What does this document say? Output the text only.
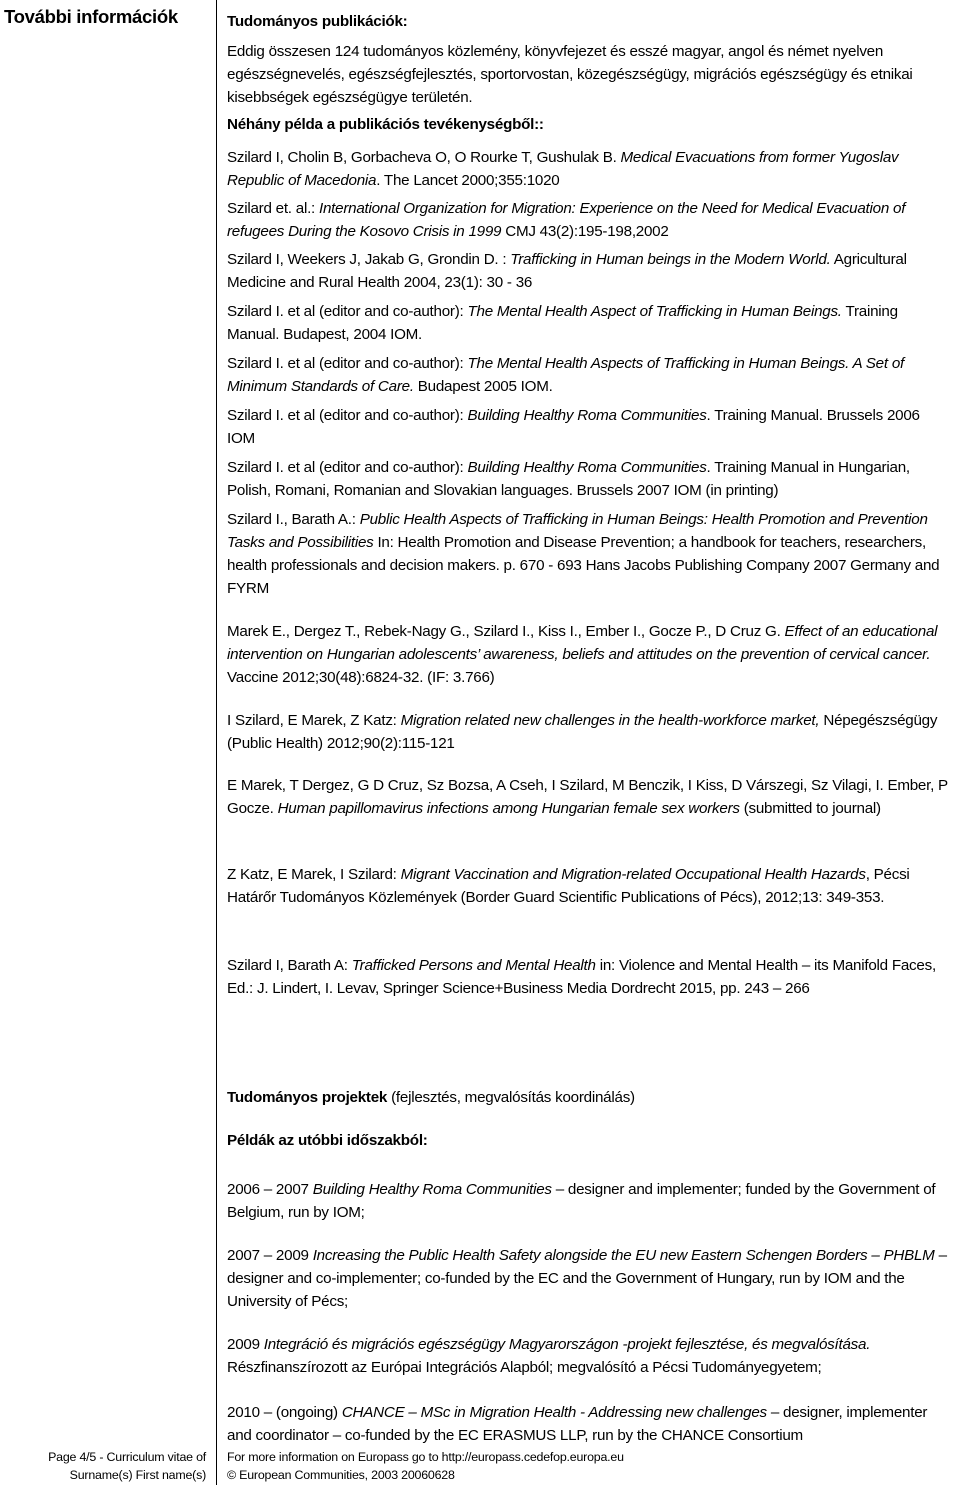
További információk	Tudományos publikációk:
Eddig összesen 124 tudományos közlemény, könyvfejezet és esszé magyar, angol és német nyelven egészségnevelés, egészségfejlesztés, sportorvostan, közegészségügy, migrációs egészségügy és etnikai kisebbségek egészségügye területén.
Néhány példa a publikációs tevékenységből::
Szilard I, Cholin B, Gorbacheva O, O Rourke T, Gushulak B. Medical Evacuations from former Yugoslav Republic of Macedonia. The Lancet 2000;355:1020
Szilard et. al.: International Organization for Migration: Experience on the Need for Medical Evacuation of refugees During the Kosovo Crisis in 1999 CMJ 43(2):195-198,2002
Szilard I, Weekers J, Jakab G, Grondin D. : Trafficking in Human beings in the Modern World. Agricultural Medicine and Rural Health 2004, 23(1): 30 - 36
Szilard I. et al (editor and co-author): The Mental Health Aspect of Trafficking in Human Beings. Training Manual. Budapest, 2004 IOM.
Szilard I. et al (editor and co-author): The Mental Health Aspects of Trafficking in Human Beings. A Set of Minimum Standards of Care. Budapest 2005 IOM.
Szilard I. et al (editor and co-author): Building Healthy Roma Communities. Training Manual. Brussels 2006 IOM
Szilard I. et al (editor and co-author): Building Healthy Roma Communities. Training Manual in Hungarian, Polish, Romani, Romanian and Slovakian languages. Brussels 2007 IOM (in printing)
Szilard I., Barath A.: Public Health Aspects of Trafficking in Human Beings: Health Promotion and Prevention Tasks and Possibilities In: Health Promotion and Disease Prevention; a handbook for teachers, researchers, health professionals and decision makers. p. 670 - 693 Hans Jacobs Publishing Company 2007 Germany and FYRM
Marek E., Dergez T., Rebek-Nagy G., Szilard I., Kiss I., Ember I., Gocze P., D Cruz G. Effect of an educational intervention on Hungarian adolescents’ awareness, beliefs and attitudes on the prevention of cervical cancer. Vaccine 2012;30(48):6824-32. (IF: 3.766)
I Szilard, E Marek, Z Katz: Migration related new challenges in the health-workforce market, Népegészségügy (Public Health) 2012;90(2):115-121
E Marek, T Dergez, G D Cruz, Sz Bozsa, A Cseh, I Szilard, M Benczik, I Kiss, D Várszegi, Sz Vilagi, I. Ember, P Gocze. Human papillomavirus infections among Hungarian female sex workers (submitted to journal)
Z Katz, E Marek, I Szilard: Migrant Vaccination and Migration-related Occupational Health Hazards, Pécsi Határőr Tudományos Közlemények (Border Guard Scientific Publications of Pécs), 2012;13: 349-353.
Szilard I, Barath A: Trafficked Persons and Mental Health in: Violence and Mental Health – its Manifold Faces, Ed.: J. Lindert, I. Levav, Springer Science+Business Media Dordrecht 2015, pp. 243 – 266
Tudományos projektek (fejlesztés, megvalósítás koordinálás)
Példák az utóbbi időszakból:
2006 – 2007 Building Healthy Roma Communities – designer and implementer; funded by the Government of Belgium, run by IOM;
2007 – 2009 Increasing the Public Health Safety alongside the EU new Eastern Schengen Borders – PHBLM – designer and co-implementer; co-funded by the EC and the Government of Hungary, run by IOM and the University of Pécs;
2009 Integráció és migrációs egészségügy Magyarországon -projekt fejlesztése, és megvalósítása. Részfinanszírozott az Európai Integrációs Alapból; megvalósító a Pécsi Tudományegyetem;
2010 – (ongoing) CHANCE – MSc in Migration Health - Addressing new challenges – designer, implementer and coordinator – co-funded by the EC ERASMUS LLP, run by the CHANCE Consortium
Page 4/5 - Curriculum vitae of
Surname(s) First name(s)
For more information on Europass go to http://europass.cedefop.europa.eu
© European Communities, 2003 20060628
